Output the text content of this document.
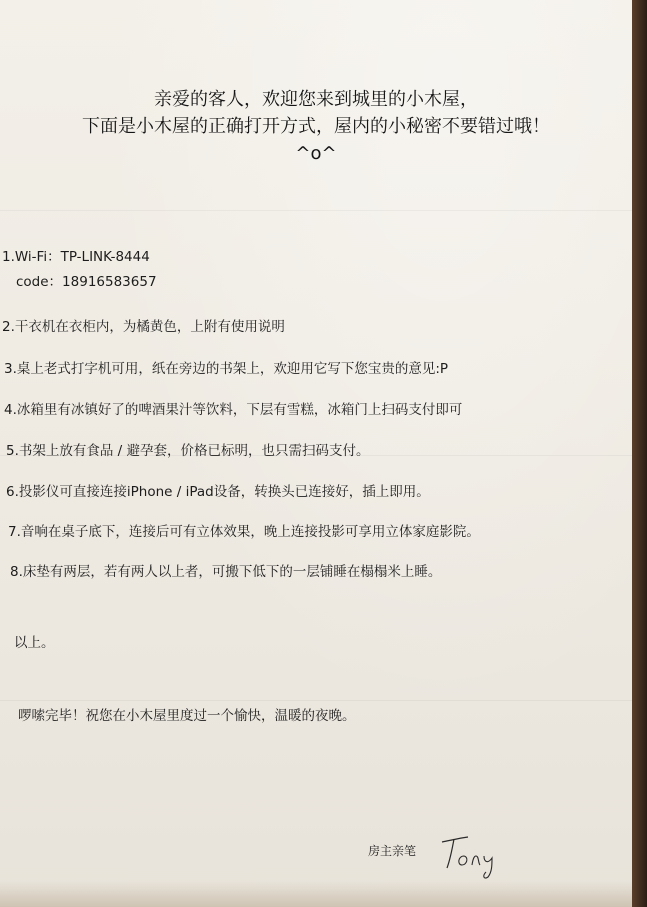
亲爱的客人，欢迎您来到城里的小木屋，
下面是小木屋的正确打开方式，屋内的小秘密不要错过哦！
^o^
1.Wi-Fi：TP-LINK-8444
code：18916583657
2.干衣机在衣柜内，为橘黄色，上附有使用说明
3.桌上老式打字机可用，纸在旁边的书架上，欢迎用它写下您宝贵的意见:P
4.冰箱里有冰镇好了的啤酒果汁等饮料，下层有雪糕，冰箱门上扫码支付即可
5.书架上放有食品 / 避孕套，价格已标明，也只需扫码支付。
6.投影仪可直接连接iPhone / iPad设备，转换头已连接好，插上即用。
7.音响在桌子底下，连接后可有立体效果，晚上连接投影可享用立体家庭影院。
8.床垫有两层，若有两人以上者，可搬下低下的一层铺睡在榻榻米上睡。
以上。
啰嗦完毕！祝您在小木屋里度过一个愉快，温暖的夜晚。
房主亲笔
